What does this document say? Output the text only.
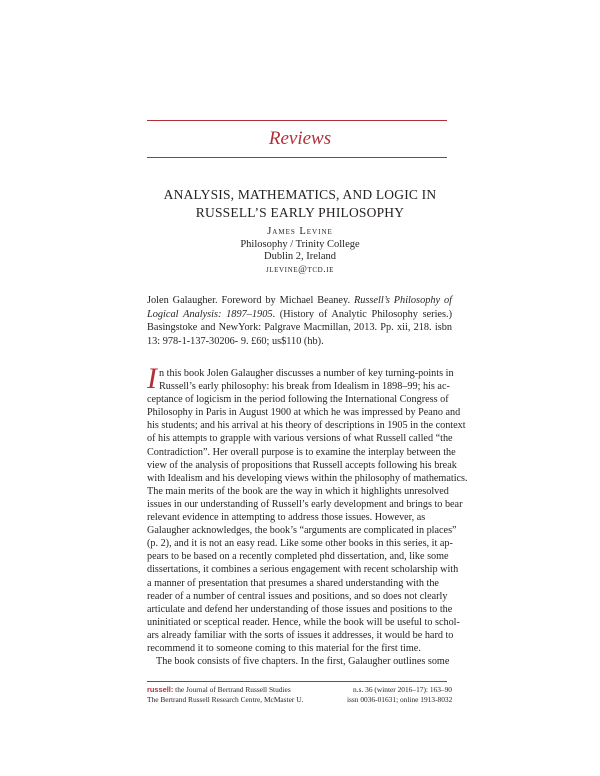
Reviews
ANALYSIS, MATHEMATICS, AND LOGIC IN
RUSSELL’S EARLY PHILOSOPHY
James Levine
Philosophy / Trinity College
Dublin 2, Ireland
jlevine@tcd.ie
Jolen Galaugher. Foreword by Michael Beaney. Russell’s Philosophy of Logical Analysis: 1897–1905. (History of Analytic Philosophy series.) Basingstoke and NewYork: Palgrave Macmillan, 2013. Pp. xii, 218. isbn 13: 978-1-137-30206- 9. £60; us$110 (hb).
I n this book Jolen Galaugher discusses a number of key turning-points in
Russell’s early philosophy: his break from Idealism in 1898–99; his ac-
ceptance of logicism in the period following the International Congress of
Philosophy in Paris in August 1900 at which he was impressed by Peano and
his students; and his arrival at his theory of descriptions in 1905 in the context
of his attempts to grapple with various versions of what Russell called “the
Contradiction”. Her overall purpose is to examine the interplay between the
view of the analysis of propositions that Russell accepts following his break
with Idealism and his developing views within the philosophy of mathematics.
The main merits of the book are the way in which it highlights unresolved
issues in our understanding of Russell’s early development and brings to bear
relevant evidence in attempting to address those issues. However, as
Galaugher acknowledges, the book’s “arguments are complicated in places”
(p. 2), and it is not an easy read. Like some other books in this series, it ap-
pears to be based on a recently completed phd dissertation, and, like some
dissertations, it combines a serious engagement with recent scholarship with
a manner of presentation that presumes a shared understanding with the
reader of a number of central issues and positions, and so does not clearly
articulate and defend her understanding of those issues and positions to the
uninitiated or sceptical reader. Hence, while the book will be useful to schol-
ars already familiar with the sorts of issues it addresses, it would be hard to
recommend it to someone coming to this material for the first time.
The book consists of five chapters. In the first, Galaugher outlines some
russell: the Journal of Bertrand Russell Studies
The Bertrand Russell Research Centre, McMaster U.
n.s. 36 (winter 2016–17): 163–90
issn 0036-01631; online 1913-8032
